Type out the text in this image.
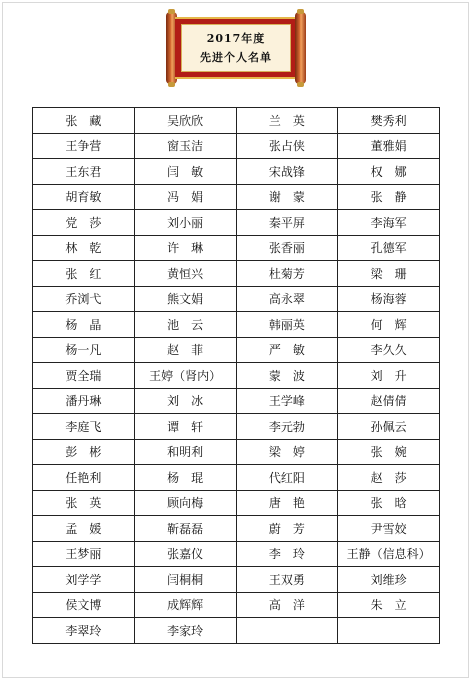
2017年度
先进个人名单
张　藏	吴欣欣	兰　英	樊秀利
王争营	窗玉洁	张占侠	董雅娟
王东君	闫　敏	宋战锋	权　娜
胡育敏	冯　娟	谢　蒙	张　静
党　莎	刘小丽	秦平屏	李海军
林　乾	许　琳	张香丽	孔德军
张　红	黄恒兴	杜菊芳	梁　珊
乔浏弋	熊文娟	高永翠	杨海蓉
杨　晶	池　云	韩丽英	何　辉
杨一凡	赵　菲	严　敏	李久久
贾全瑞	王婷（肾内）	蒙　波	刘　升
潘丹琳	刘　冰	王学峰	赵倩倩
李庭飞	谭　轩	李元勃	孙佩云
彭　彬	和明利	梁　婷	张　婉
任艳利	杨　琨	代红阳	赵　莎
张　英	顾向梅	唐　艳	张　晗
孟　媛	靳磊磊	蔚　芳	尹雪姣
王梦丽	张嘉仪	李　玲	王静（信息科）
刘学学	闫桐桐	王双勇	刘维珍
侯文博	成辉辉	高　洋	朱　立
李翠玲	李家玲		
